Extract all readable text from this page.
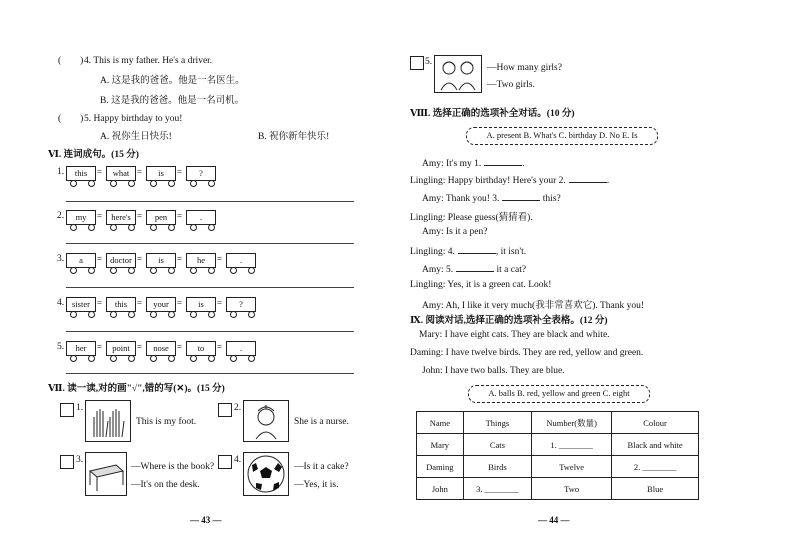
(　　)4. This is my father. He's a driver.
A. 这是我的爸爸。他是一名医生。
B. 这是我的爸爸。他是一名司机。
(　　)5. Happy birthday to you!
A. 祝你生日快乐!	B. 祝你新年快乐!
Ⅵ. 连词成句。(15 分)
1.	this	=	what =	is	=	?
2.	my	=	here's =	pen	=	.
3.	a	= doctor =	is	=	he	=	.
4. sister =	this	=	your =	is	=	?
5.	her	=	point =	nose =	to	=	.
Ⅶ. 读一读,对的画"√",错的写(✕)。(15 分)
1.
This is my foot.
2.
She is a nurse.
3.
—Where is the book?
—It's on the desk.
4.
—Is it a cake?
—Yes, it is.
— 43 —
5.
—How many girls?
—Two girls.
Ⅷ. 选择正确的选项补全对话。(10 分)
A. present B. What's C. birthday D. No E. Is
Amy: It's my 1.	.
Lingling: Happy birthday! Here's your 2.	.
Amy: Thank you! 3.	this?
Lingling: Please guess(猜猜看).
Amy: Is it a pen?
Lingling: 4.	, it isn't.
Amy: 5.	it a cat?
Lingling: Yes, it is a green cat. Look!
Amy: Ah, I like it very much(我非常喜欢它). Thank you!
Ⅸ. 阅读对话,选择正确的选项补全表格。(12 分)
Mary: I have eight cats. They are black and white.
Daming: I have twelve birds. They are red, yellow and green.
John: I have two balls. They are blue.
A. balls B. red, yellow and green C. eight
Name	Things	Number(数量)	Colour
Mary	Cats	1. ________	Black and white
Daming	Birds	Twelve	2. ________
John	3. ________	Two	Blue
— 44 —
